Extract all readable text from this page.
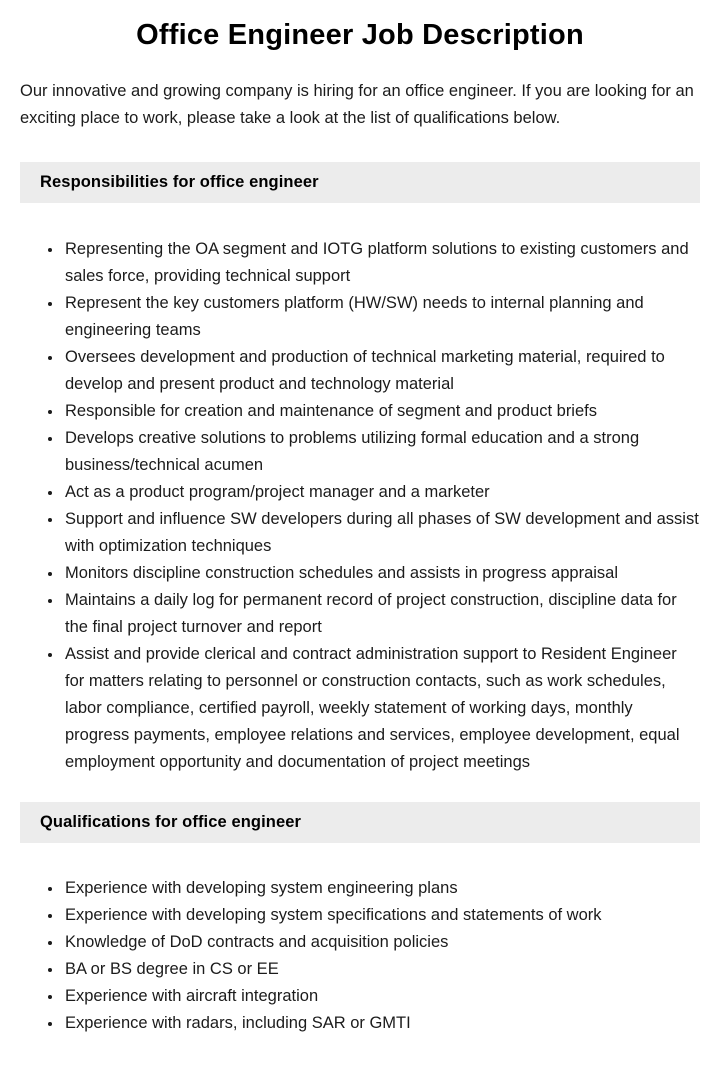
Office Engineer Job Description

Our innovative and growing company is hiring for an office engineer. If you are looking for an exciting place to work, please take a look at the list of qualifications below.

Responsibilities for office engineer
• Representing the OA segment and IOTG platform solutions to existing customers and sales force, providing technical support
• Represent the key customers platform (HW/SW) needs to internal planning and engineering teams
• Oversees development and production of technical marketing material, required to develop and present product and technology material
• Responsible for creation and maintenance of segment and product briefs
• Develops creative solutions to problems utilizing formal education and a strong business/technical acumen
• Act as a product program/project manager and a marketer
• Support and influence SW developers during all phases of SW development and assist with optimization techniques
• Monitors discipline construction schedules and assists in progress appraisal
• Maintains a daily log for permanent record of project construction, discipline data for the final project turnover and report
• Assist and provide clerical and contract administration support to Resident Engineer for matters relating to personnel or construction contacts, such as work schedules, labor compliance, certified payroll, weekly statement of working days, monthly progress payments, employee relations and services, employee development, equal employment opportunity and documentation of project meetings
Qualifications for office engineer
• Experience with developing system engineering plans
• Experience with developing system specifications and statements of work
• Knowledge of DoD contracts and acquisition policies
• BA or BS degree in CS or EE
• Experience with aircraft integration
• Experience with radars, including SAR or GMTI
